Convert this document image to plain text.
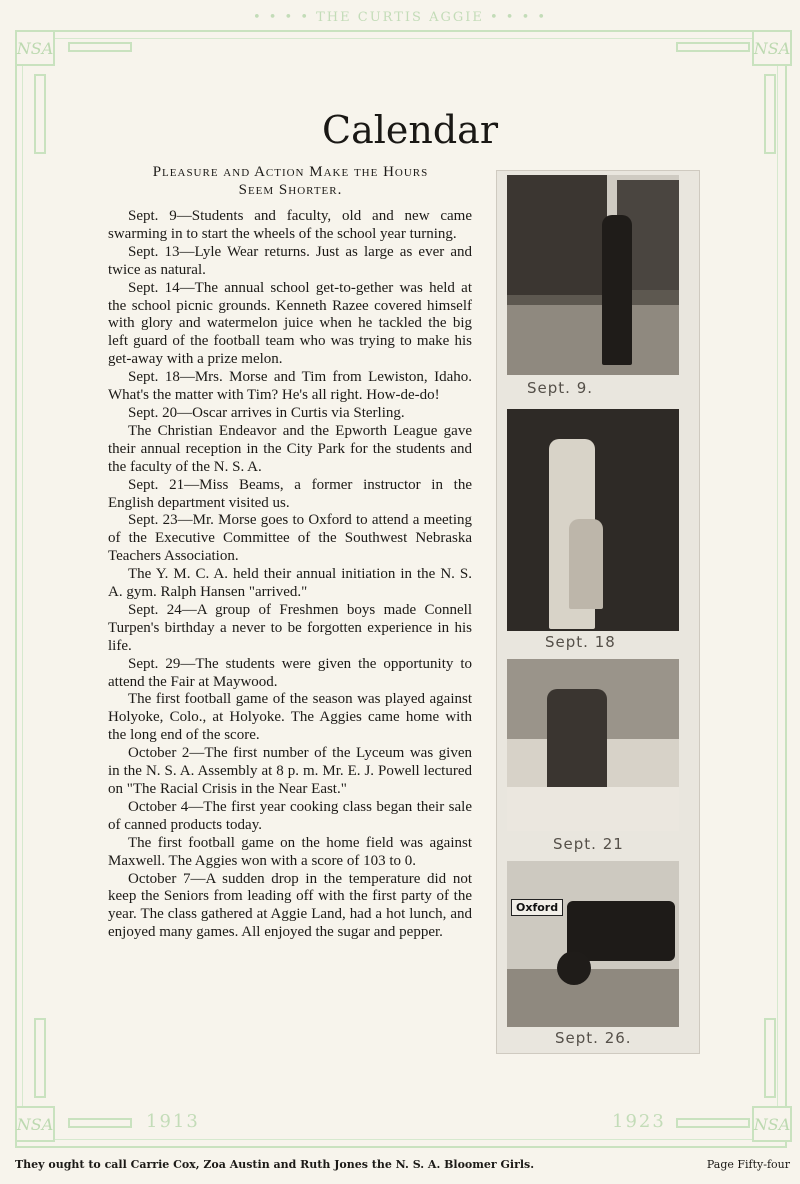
• • • • THE CURTIS AGGIE • • • •
NSA	NSA
NSA	NSA
1913	1923
Calendar
Pleasure and Action Make the Hours
Seem Shorter.

Sept. 9—Students and faculty, old and new came swarming in to start the wheels of the school year turning.

Sept. 13—Lyle Wear returns. Just as large as ever and twice as natural.

Sept. 14—The annual school get-to-gether was held at the school picnic grounds. Kenneth Razee covered himself with glory and watermelon juice when he tackled the big left guard of the football team who was trying to make his get-away with a prize melon.

Sept. 18—Mrs. Morse and Tim from Lewiston, Idaho. What's the matter with Tim? He's all right. How-de-do!

Sept. 20—Oscar arrives in Curtis via Sterling.

The Christian Endeavor and the Epworth League gave their annual reception in the City Park for the students and the faculty of the N. S. A.

Sept. 21—Miss Beams, a former instructor in the English department visited us.

Sept. 23—Mr. Morse goes to Oxford to attend a meeting of the Executive Committee of the Southwest Nebraska Teachers Association.

The Y. M. C. A. held their annual initiation in the N. S. A. gym. Ralph Hansen "arrived."

Sept. 24—A group of Freshmen boys made Connell Turpen's birthday a never to be forgotten experience in his life.

Sept. 29—The students were given the opportunity to attend the Fair at Maywood.

The first football game of the season was played against Holyoke, Colo., at Holyoke. The Aggies came home with the long end of the score.

October 2—The first number of the Lyceum was given in the N. S. A. Assembly at 8 p. m. Mr. E. J. Powell lectured on "The Racial Crisis in the Near East."

October 4—The first year cooking class began their sale of canned products today.

The first football game on the home field was against Maxwell. The Aggies won with a score of 103 to 0.

October 7—A sudden drop in the temperature did not keep the Seniors from leading off with the first party of the year. The class gathered at Aggie Land, had a hot lunch, and enjoyed many games. All enjoyed the sugar and pepper.

Sept. 9.
Sept. 18
Sept. 21
Oxford
Sept. 26.
They ought to call Carrie Cox, Zoa Austin and Ruth Jones the N. S. A. Bloomer Girls.	Page Fifty-four
